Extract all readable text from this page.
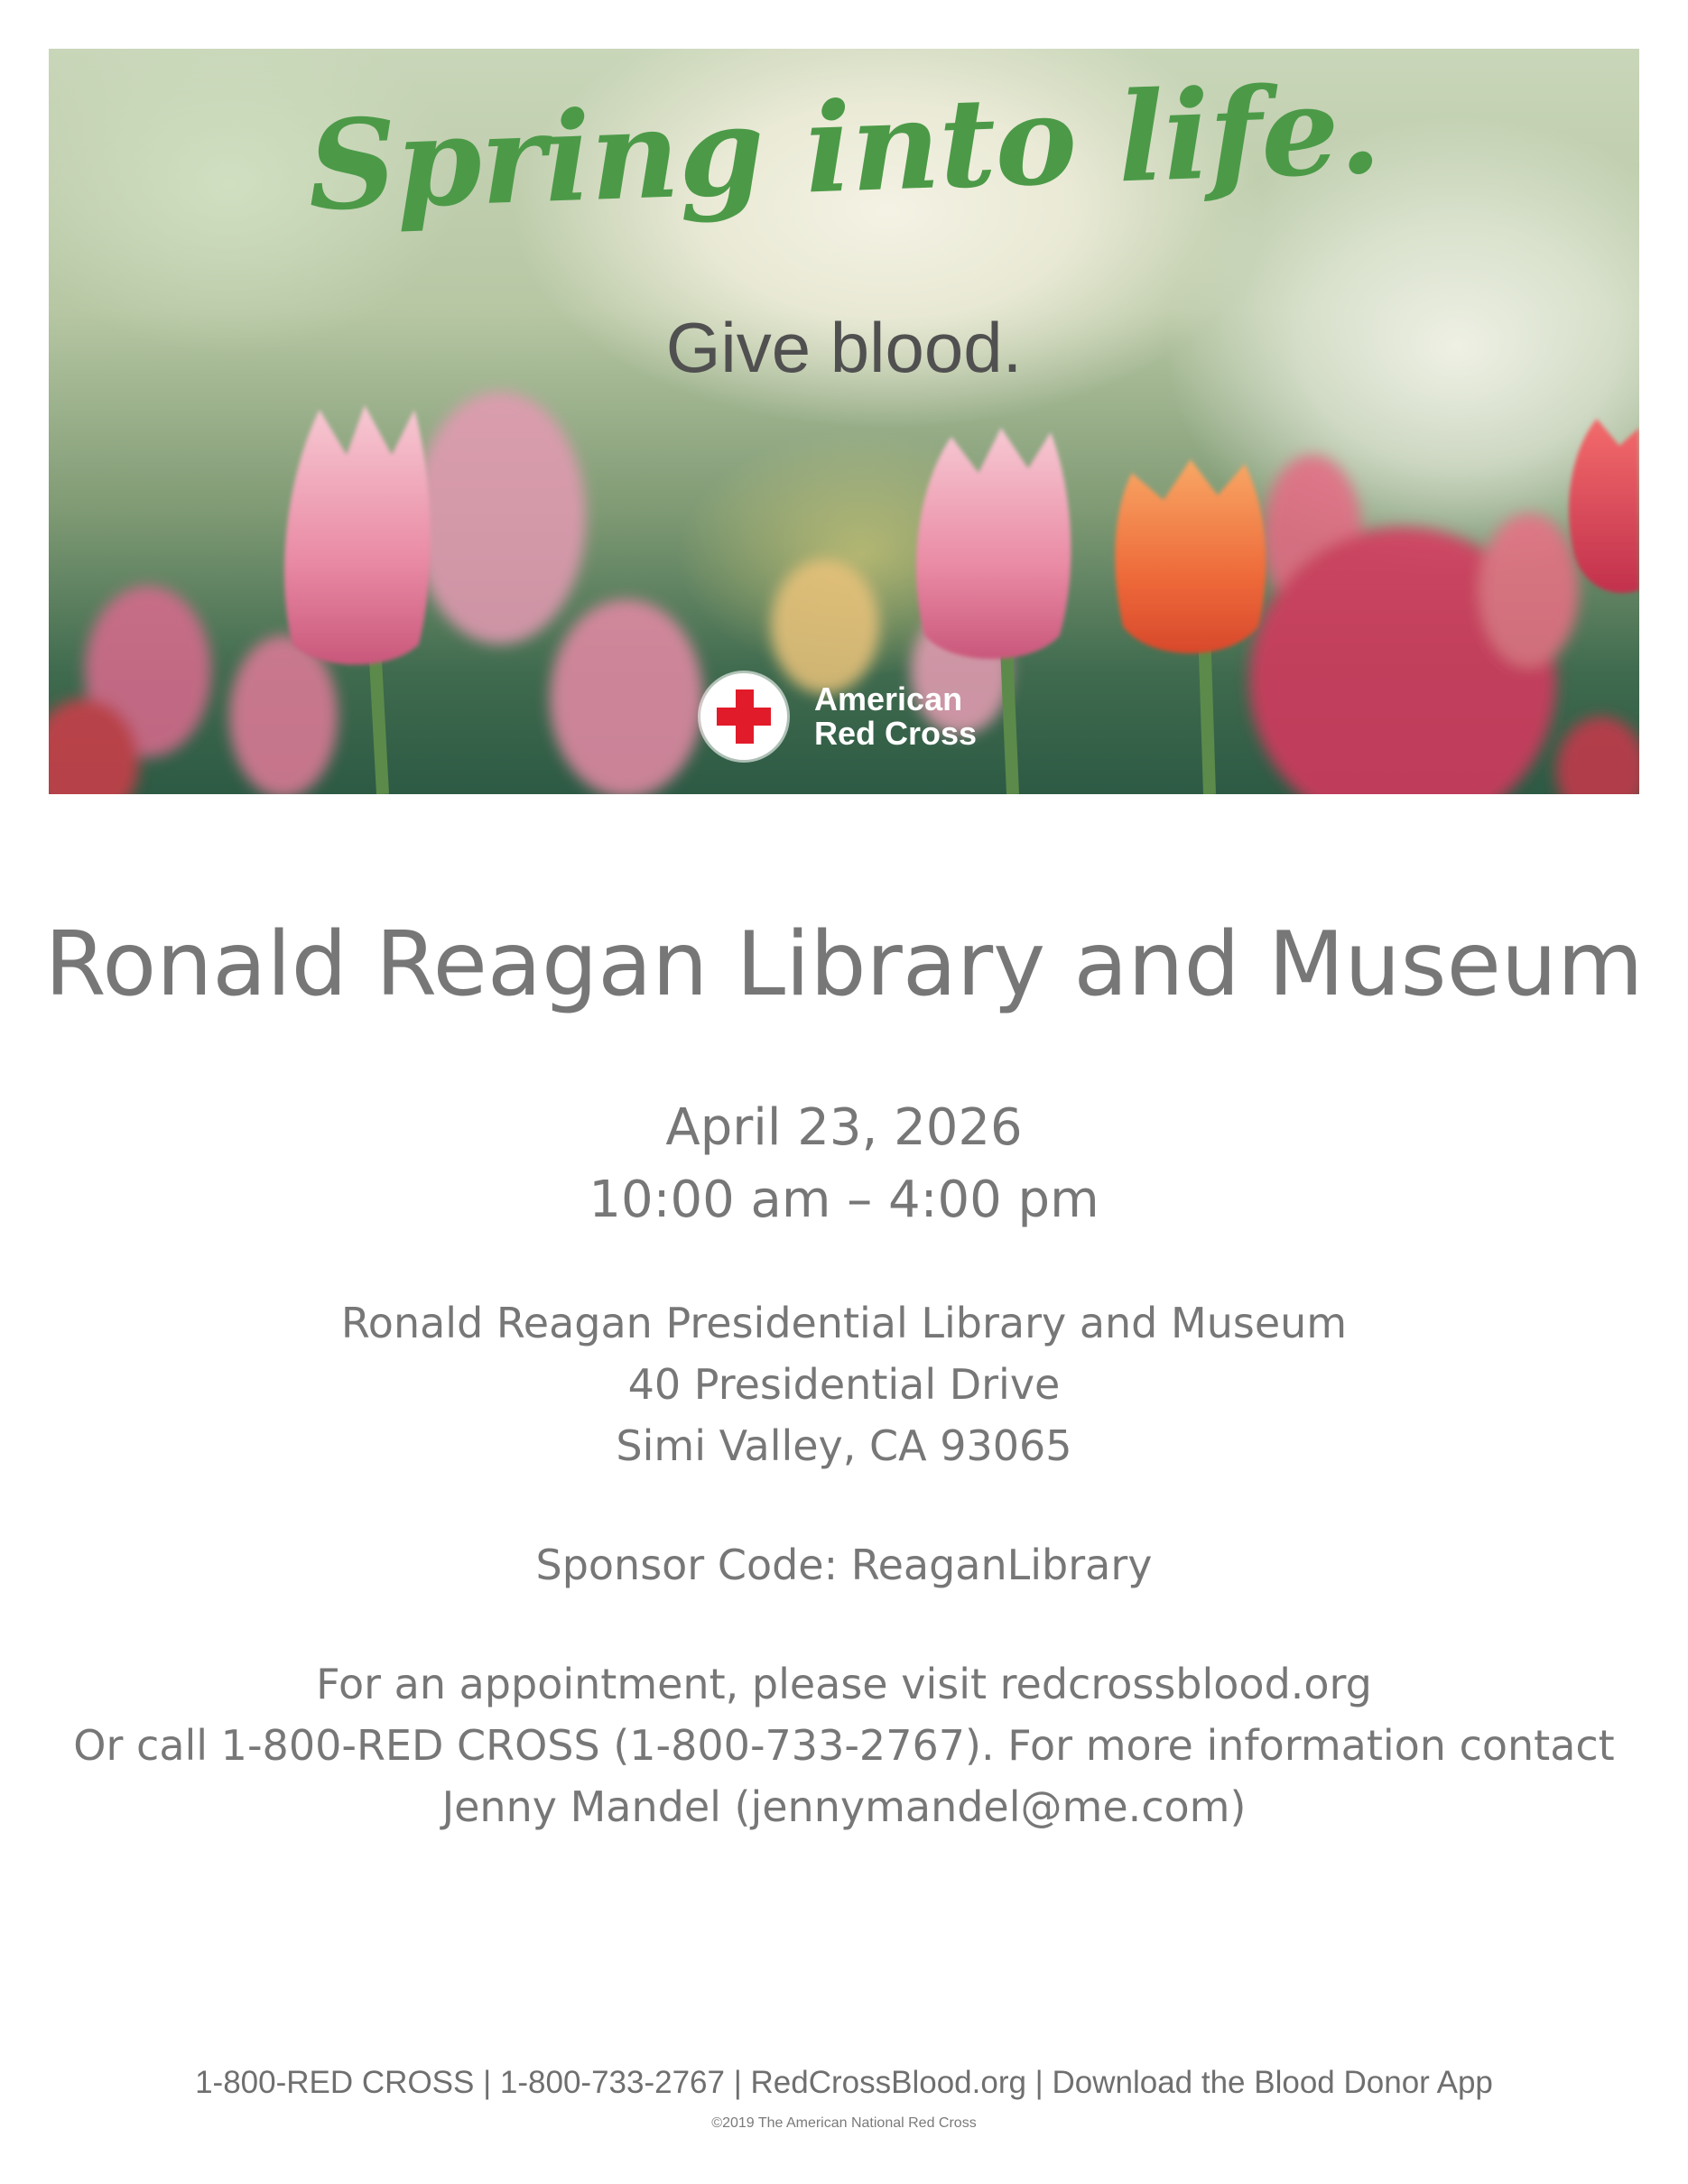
Spring into life.
Give blood.
American
Red Cross
Ronald Reagan Library and Museum
April 23, 2026
10:00 am – 4:00 pm
Ronald Reagan Presidential Library and Museum
40 Presidential Drive
Simi Valley, CA 93065
Sponsor Code: ReaganLibrary
For an appointment, please visit redcrossblood.org
Or call 1-800-RED CROSS (1-800-733-2767). For more information contact
Jenny Mandel (jennymandel@me.com)
1-800-RED CROSS | 1-800-733-2767 | RedCrossBlood.org | Download the Blood Donor App
©2019 The American National Red Cross
